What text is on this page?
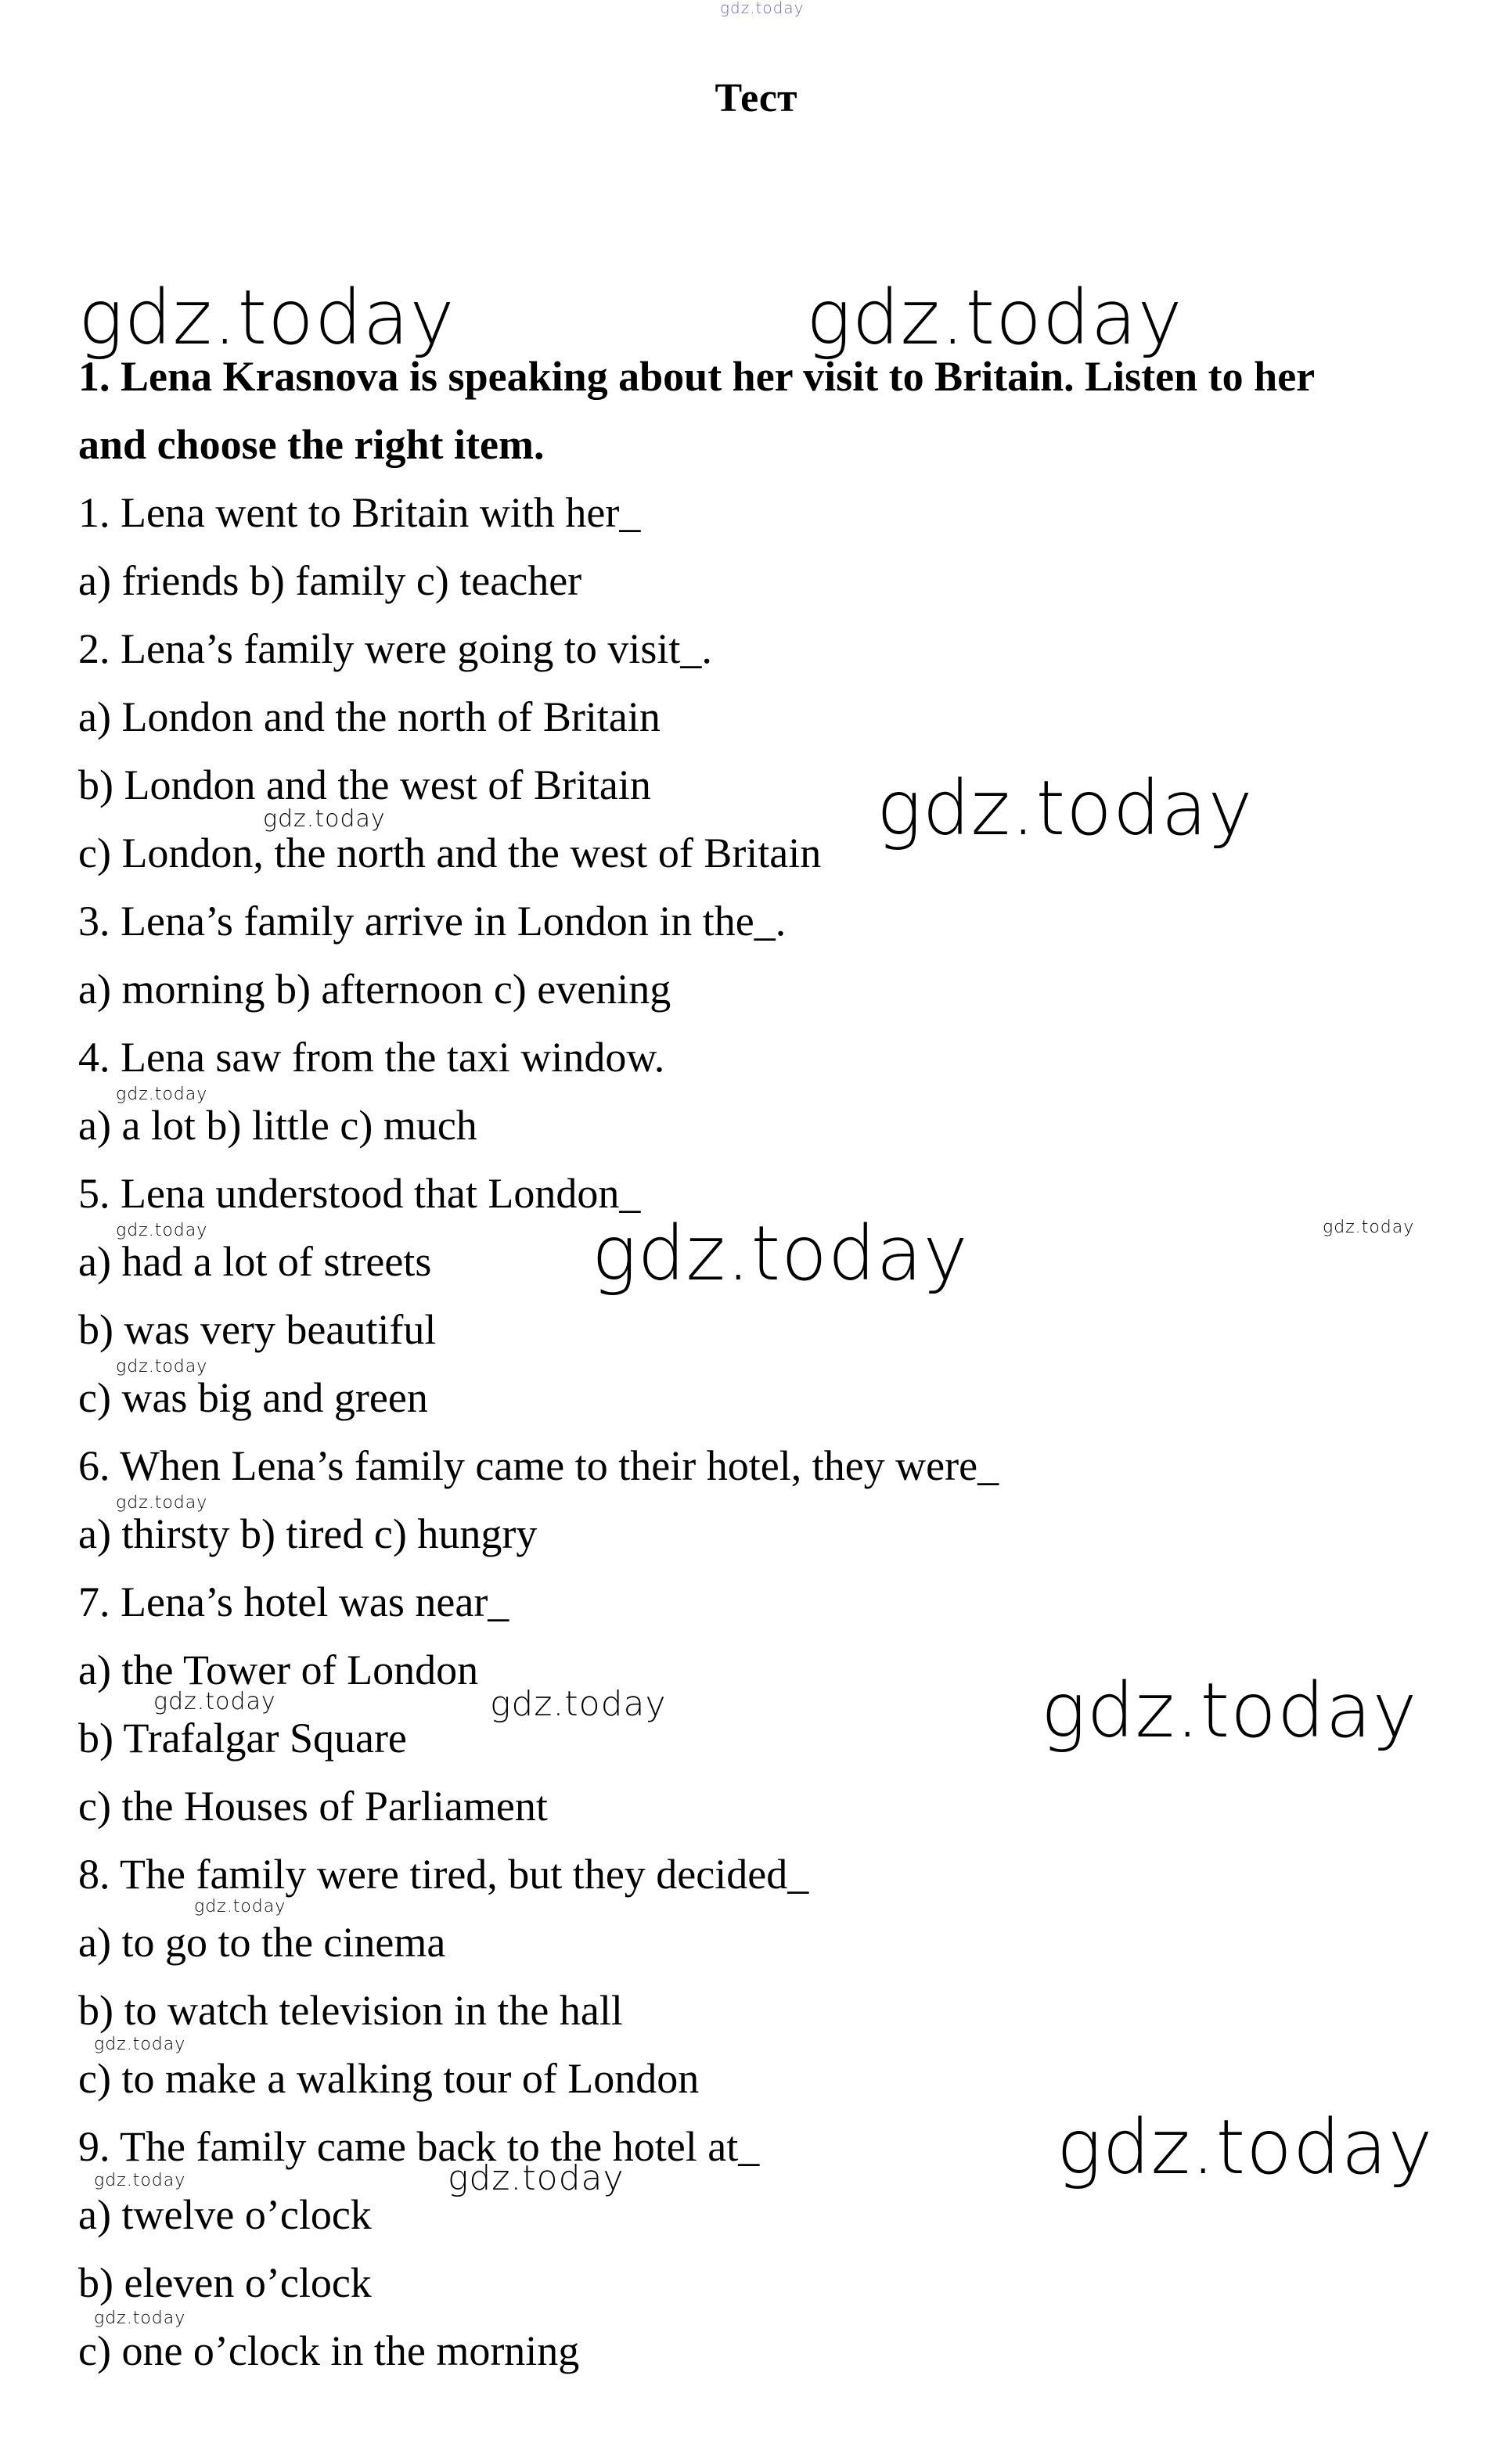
gdz.today
Тест
gdz.today	gdz.today
1. Lena Krasnova is speaking about her visit to Britain. Listen to her
and choose the right item.
1. Lena went to Britain with her_
a) friends b) family c) teacher
2. Lena’s family were going to visit_.
a) London and the north of Britain
b) London and the west of Britain
c) London, the north and the west of Britain
3. Lena’s family arrive in London in the_.
a) morning b) afternoon c) evening
4. Lena saw from the taxi window.
a) a lot b) little c) much
5. Lena understood that London_
a) had a lot of streets
b) was very beautiful
c) was big and green
6. When Lena’s family came to their hotel, they were_
a) thirsty b) tired c) hungry
7. Lena’s hotel was near_
a) the Tower of London
b) Trafalgar Square
c) the Houses of Parliament
8. The family were tired, but they decided_
a) to go to the cinema
b) to watch television in the hall
c) to make a walking tour of London
9. The family came back to the hotel at_
a) twelve o’clock
b) eleven o’clock
c) one o’clock in the morning
gdz.today
gdz.today
gdz.today
gdz.today	gdz.today	gdz.today
gdz.today
gdz.today
gdz.today	gdz.today	gdz.today
gdz.today
gdz.today
gdz.today
gdz.today	gdz.today
gdz.today
